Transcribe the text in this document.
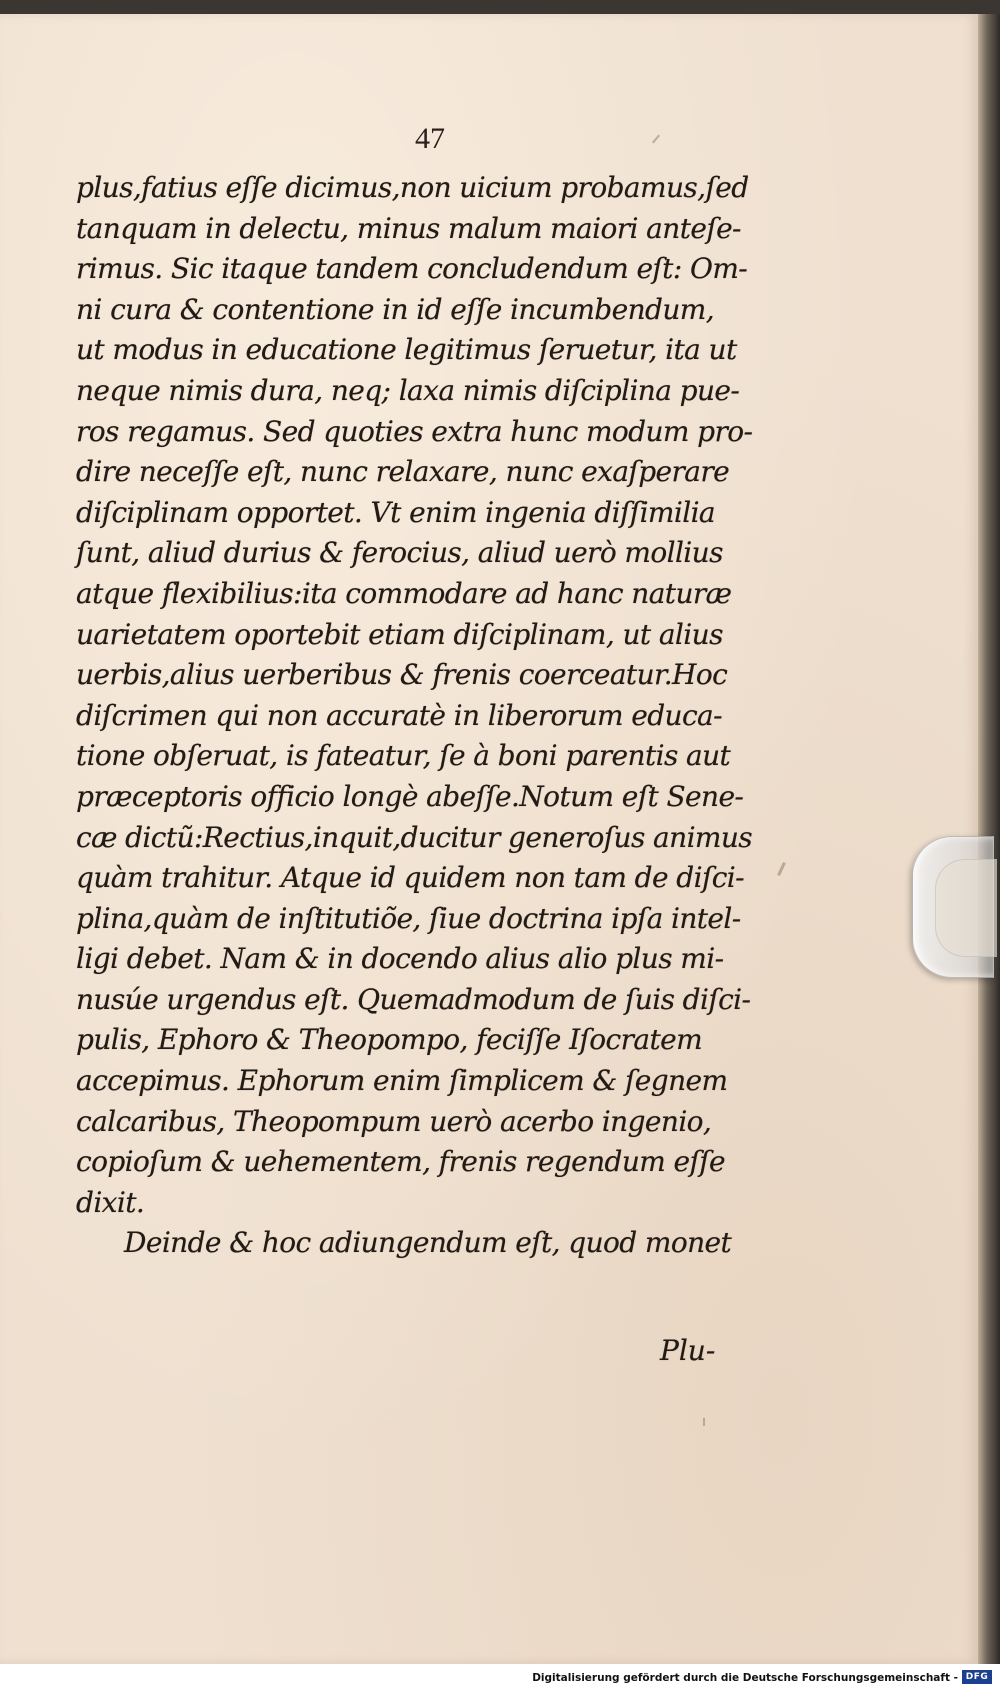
47
plus,fatius eſſe dicimus,non uicium probamus,ſed
tanquam in delectu, minus malum maiori anteſe-
rimus. Sic itaque tandem concludendum eſt: Om-
ni cura & contentione in id eſſe incumbendum,
ut modus in educatione legitimus ſeruetur, ita ut
neque nimis dura, neq; laxa nimis diſciplina pue-
ros regamus. Sed quoties extra hunc modum pro-
dire neceſſe eſt, nunc relaxare, nunc exaſperare
diſciplinam opportet. Vt enim ingenia diſſimilia
ſunt, aliud durius & ferocius, aliud uerò mollius
atque flexibilius:ita commodare ad hanc naturæ
uarietatem oportebit etiam diſciplinam, ut alius
uerbis,alius uerberibus & frenis coerceatur.Hoc
diſcrimen qui non accuratè in liberorum educa-
tione obſeruat, is fateatur, ſe à boni parentis aut
præceptoris officio longè abeſſe.Notum eſt Sene-
cæ dictũ:Rectius,inquit,ducitur generoſus animus
quàm trahitur. Atque id quidem non tam de diſci-
plina,quàm de inſtitutiõe, ſiue doctrina ipſa intel-
ligi debet. Nam & in docendo alius alio plus mi-
nusúe urgendus eſt. Quemadmodum de ſuis diſci-
pulis, Ephoro & Theopompo, feciſſe Iſocratem
accepimus. Ephorum enim ſimplicem & ſegnem
calcaribus, Theopompum uerò acerbo ingenio,
copioſum & uehementem, frenis regendum eſſe
dixit.
Deinde & hoc adiungendum eſt, quod monet
Plu-
Digitalisierung gefördert durch die Deutsche Forschungsgemeinschaft - DFG
